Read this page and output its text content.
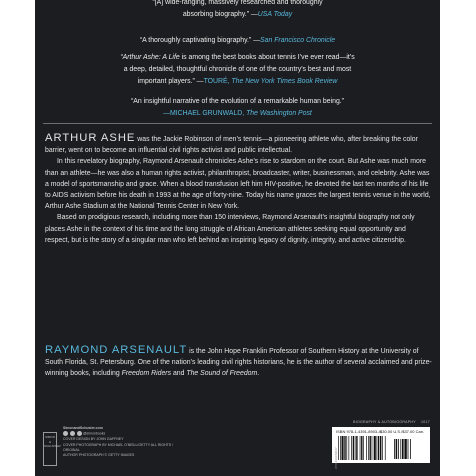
“[A] wide-ranging, massively researched and thoroughly
absorbing biography.” —USA Today
“A thoroughly captivating biography.” —San Francisco Chronicle
“Arthur Ashe: A Life is among the best books about tennis I’ve ever read—it’s
a deep, detailed, thoughtful chronicle of one of the country’s best and most
important players.” —TOURÉ, The New York Times Book Review
“An insightful narrative of the evolution of a remarkable human being.”
—MICHAEL GRUNWALD, The Washington Post

ARTHUR ASHE was the Jackie Robinson of men’s tennis—a pioneering athlete who, after breaking the color barrier, went on to become an influential civil rights activist and public intellectual.

In this revelatory biography, Raymond Arsenault chronicles Ashe’s rise to stardom on the court. But Ashe was much more than an athlete—he was also a human rights activist, philanthropist, broadcaster, writer, businessman, and celebrity. Ashe was a model of sportsmanship and grace. When a blood transfusion left him HIV-positive, he devoted the last ten months of his life to AIDS activism before his death in 1993 at the age of forty-nine. Today his name graces the largest tennis venue in the world, Arthur Ashe Stadium at the National Tennis Center in New York.

Based on prodigious research, including more than 150 interviews, Raymond Arsenault’s insightful biography not only places Ashe in the context of his time and the long struggle of African American athletes seeking equal opportunity and respect, but is the story of a singular man who left behind an inspiring legacy of dignity, integrity, and active citizenship.

RAYMOND ARSENAULT is the John Hope Franklin Professor of Southern History at the University of South Florida, St. Petersburg. One of the nation’s leading civil rights historians, he is the author of several acclaimed and prize-winning books, including Freedom Riders and The Sound of Freedom.

SIMON & SCHUSTER
SimonandSchuster.com
@simonbooks
COVER DESIGN BY JOHN GAFFNEY
COVER PHOTOGRAPH BY MICHAEL O’NEILL/GETTY ALL RIGHTS / ORIGINAL
AUTHOR PHOTOGRAPH © GETTY IMAGES
BIOGRAPHY & AUTOBIOGRAPHY 1017
ISBN 978-1-4391-8903-4 $30.00 U.S./$37.00 Can.
9781439189047
